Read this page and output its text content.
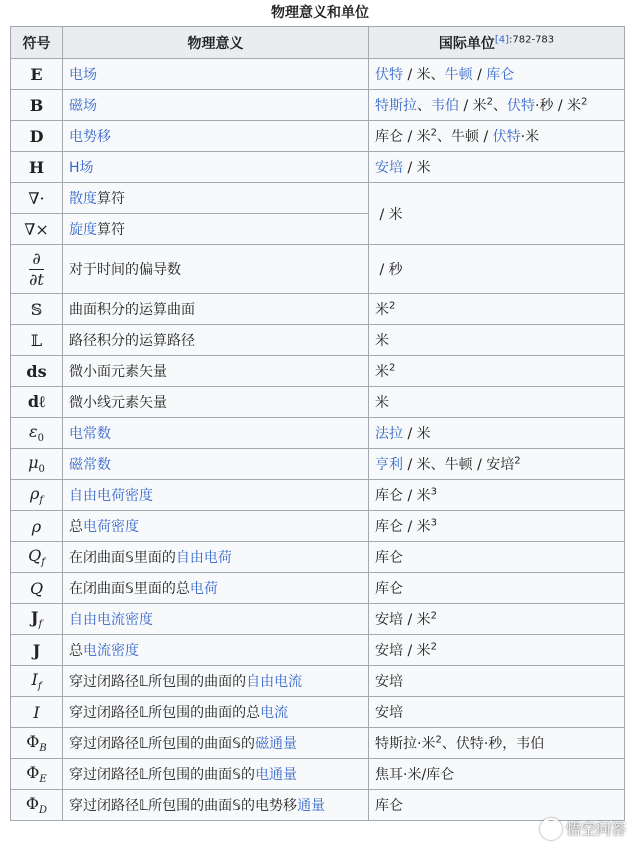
物理意义和单位
符号	物理意义	国际单位$^{[4]:782-783}$
E	电场	伏特 / 米、牛顿 / 库仑
B	磁场	特斯拉、韦伯 / 米$^2$、伏特·秒 / 米$^2$
D	电势移	库仑 / 米$^2$、牛顿 / 伏特·米
H	H场	安培 / 米
∇·	散度算符	/ 米
∇×	旋度算符	

$\frac{\partial}{\partial t}$	对于时间的偏导数	/ 秒
𝕊	曲面积分的运算曲面	米$^2$
𝕃	路径积分的运算路径	米
ds	微小面元素矢量	米$^2$
dℓ	微小线元素矢量	米
$\varepsilon_0$	电常数	法拉 / 米
$\mu_0$	磁常数	亨利 / 米、牛顿 / 安培$^2$
$\rho_f$	自由电荷密度	库仑 / 米$^3$
ρ	总电荷密度	库仑 / 米$^3$
$Q_f$	在闭曲面𝕊里面的自由电荷	库仑
Q	在闭曲面𝕊里面的总电荷	库仑
$J_f$	自由电流密度	安培 / 米$^2$
J	总电流密度	安培 / 米$^2$
$I_f$	穿过闭路径𝕃所包围的曲面的自由电流	安培
I	穿过闭路径𝕃所包围的曲面的总电流	安培
$\Phi_B$	穿过闭路径𝕃所包围的曲面𝕊的磁通量	特斯拉·米$^2$、伏特·秒，韦伯
$\Phi_E$	穿过闭路径𝕃所包围的曲面𝕊的电通量	焦耳·米/库仑
$\Phi_D$	穿过闭路径𝕃所包围的曲面𝕊的电势移通量	库仑
悟空问答
